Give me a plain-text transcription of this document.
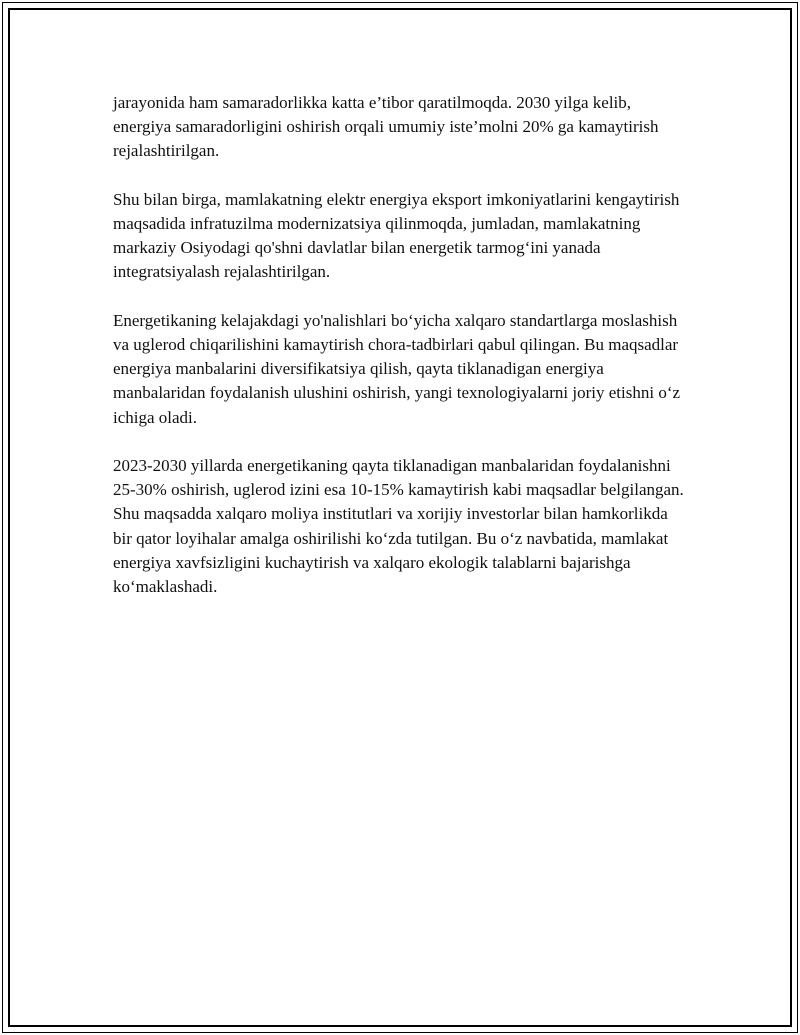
jarayonida ham samaradorlikka katta e’tibor qaratilmoqda. 2030 yilga kelib, energiya samaradorligini oshirish orqali umumiy iste’molni 20% ga kamaytirish rejalashtirilgan.

Shu bilan birga, mamlakatning elektr energiya eksport imkoniyatlarini kengaytirish maqsadida infratuzilma modernizatsiya qilinmoqda, jumladan, mamlakatning markaziy Osiyodagi qo'shni davlatlar bilan energetik tarmog‘ini yanada integratsiyalash rejalashtirilgan.

Energetikaning kelajakdagi yo'nalishlari bo‘yicha xalqaro standartlarga moslashish va uglerod chiqarilishini kamaytirish chora-tadbirlari qabul qilingan. Bu maqsadlar energiya manbalarini diversifikatsiya qilish, qayta tiklanadigan energiya manbalaridan foydalanish ulushini oshirish, yangi texnologiyalarni joriy etishni o‘z ichiga oladi.

2023-2030 yillarda energetikaning qayta tiklanadigan manbalaridan foydalanishni 25-30% oshirish, uglerod izini esa 10-15% kamaytirish kabi maqsadlar belgilangan. Shu maqsadda xalqaro moliya institutlari va xorijiy investorlar bilan hamkorlikda bir qator loyihalar amalga oshirilishi ko‘zda tutilgan. Bu o‘z navbatida, mamlakat energiya xavfsizligini kuchaytirish va xalqaro ekologik talablarni bajarishga ko‘maklashadi.
